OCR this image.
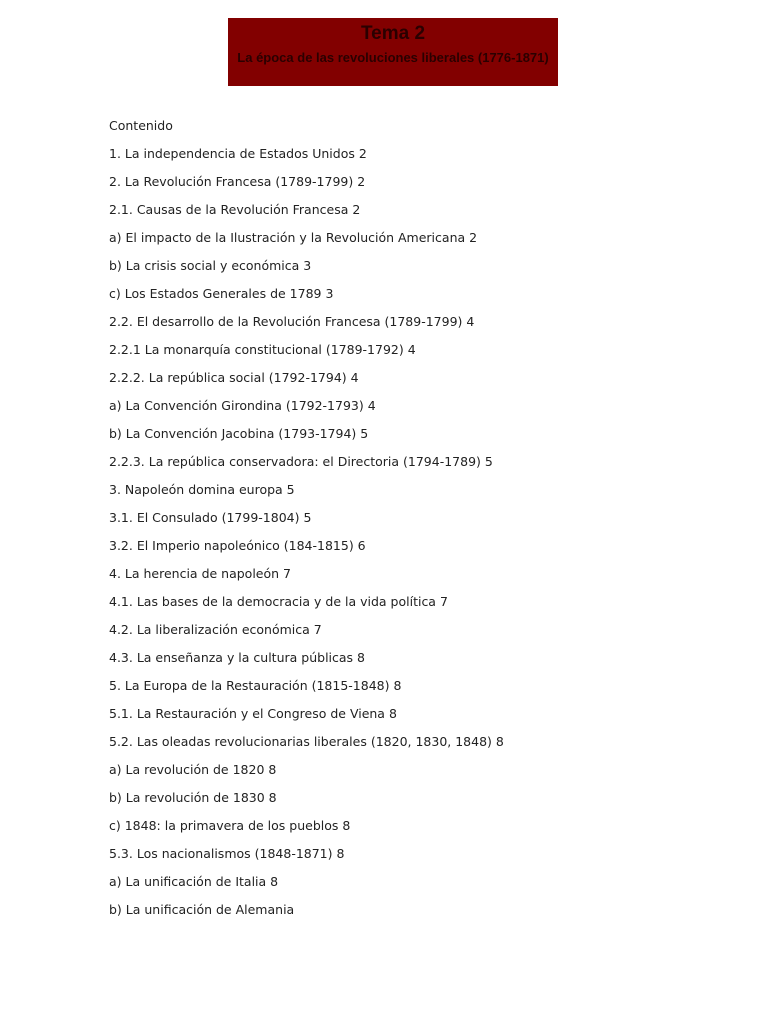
Tema 2
La época de las revoluciones liberales (1776-1871)
Contenido
1. La independencia de Estados Unidos 2
2. La Revolución Francesa (1789-1799) 2
2.1. Causas de la Revolución Francesa 2
a) El impacto de la Ilustración y la Revolución Americana 2
b) La crisis social y económica 3
c) Los Estados Generales de 1789 3
2.2. El desarrollo de la Revolución Francesa (1789-1799) 4
2.2.1 La monarquía constitucional (1789-1792) 4
2.2.2. La república social (1792-1794) 4
a) La Convención Girondina (1792-1793) 4
b) La Convención Jacobina (1793-1794) 5
2.2.3. La república conservadora: el Directoria (1794-1789) 5
3. Napoleón domina europa 5
3.1. El Consulado (1799-1804) 5
3.2. El Imperio napoleónico (184-1815) 6
4. La herencia de napoleón 7
4.1. Las bases de la democracia y de la vida política 7
4.2. La liberalización económica 7
4.3. La enseñanza y la cultura públicas 8
5. La Europa de la Restauración (1815-1848) 8
5.1. La Restauración y el Congreso de Viena 8
5.2. Las oleadas revolucionarias liberales (1820, 1830, 1848) 8
a) La revolución de 1820 8
b) La revolución de 1830 8
c) 1848: la primavera de los pueblos 8
5.3. Los nacionalismos (1848-1871) 8
a) La unificación de Italia 8
b) La unificación de Alemania
